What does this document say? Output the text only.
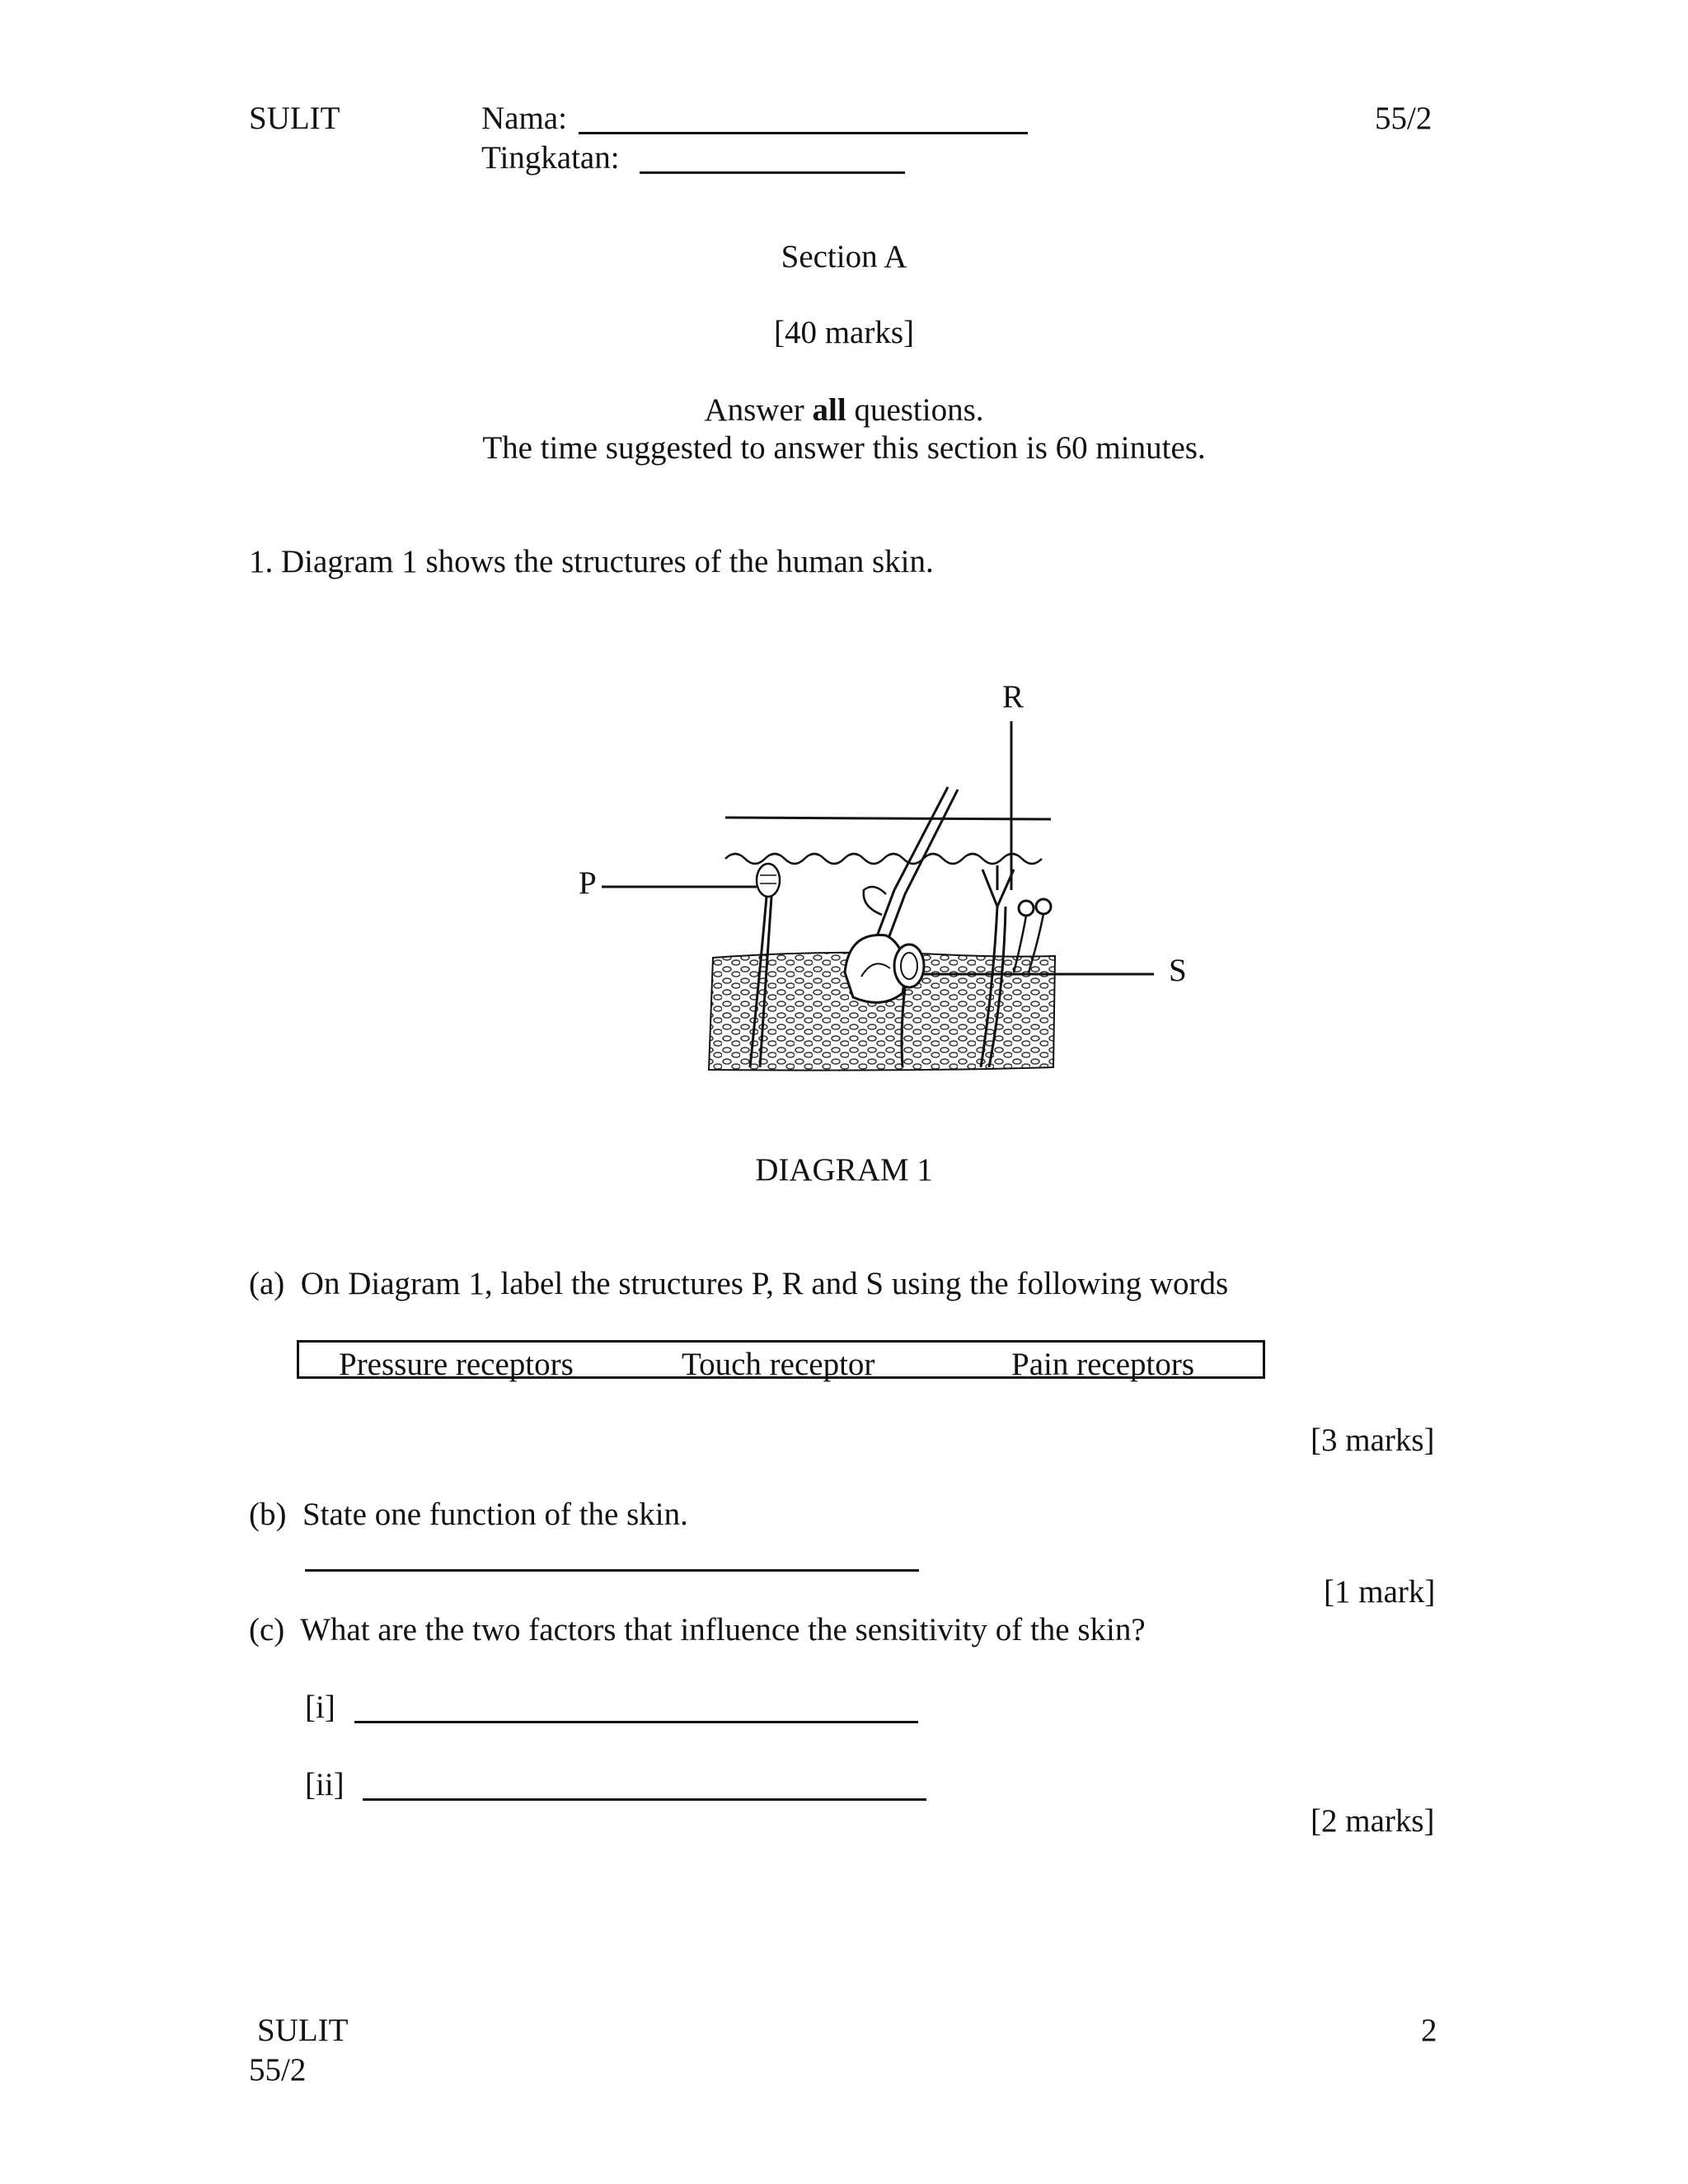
SULIT	Nama:
Tingkatan:
55/2
Section A
[40 marks]
Answer all questions.
The time suggested to answer this section is 60 minutes.
1. Diagram 1 shows the structures of the human skin.
P
R
S
DIAGRAM 1
(a)  On Diagram 1, label the structures P, R and S using the following words
Pressure receptors	Touch receptor	Pain receptors
[3 marks]
(b)  State one function of the skin.
[1 mark]
(c)  What are the two factors that influence the sensitivity of the skin?
[i]
[ii]
[2 marks]
SULIT
55/2
2
